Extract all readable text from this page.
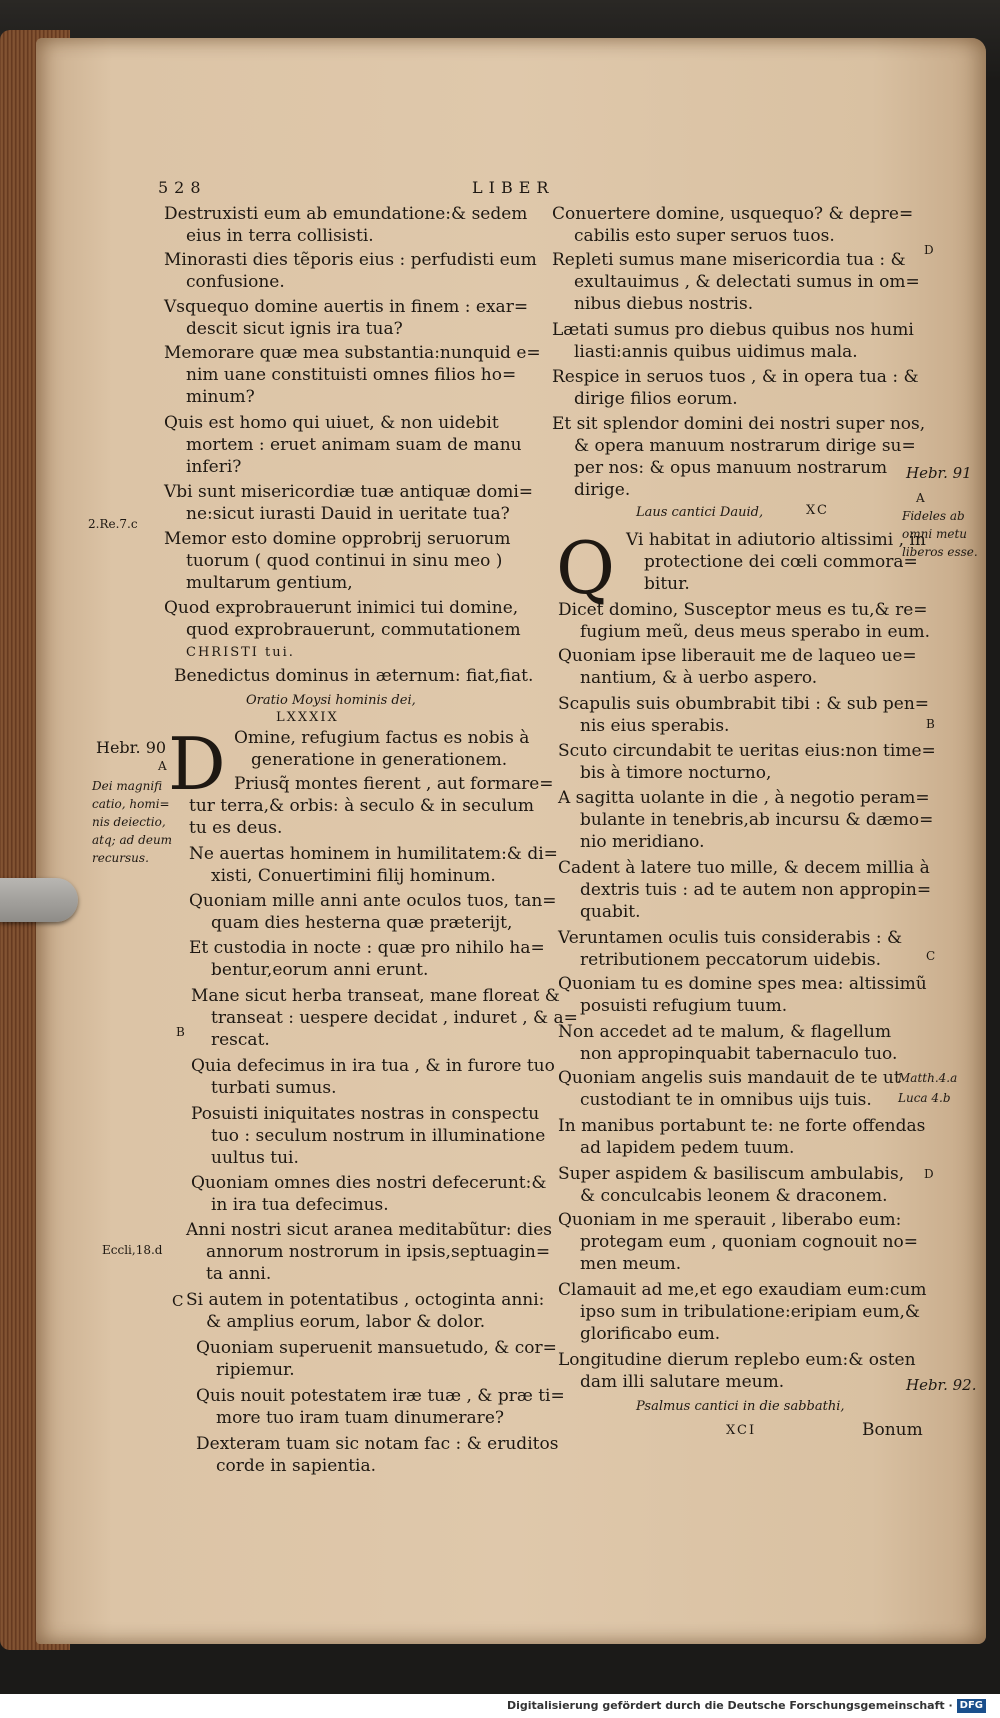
528	LIBER
Destruxisti eum ab emundatione:& sedem
eius in terra collisisti.
Minorasti dies tẽporis eius : perfudisti eum
confusione.
Vsquequo domine auertis in finem : exar=
descit sicut ignis ira tua?
Memorare quæ mea substantia:nunquid e=
nim uane constituisti omnes filios ho=
minum?
Quis est homo qui uiuet, & non uidebit
mortem : eruet animam suam de manu
inferi?
Vbi sunt misericordiæ tuæ antiquæ domi=
ne:sicut iurasti Dauid in ueritate tua?
Memor esto domine opprobrij seruorum
tuorum ( quod continui in sinu meo )
multarum gentium,
Quod exprobrauerunt inimici tui domine,
quod exprobrauerunt, commutationem
CHRISTI tui.
Benedictus dominus in æternum: fiat,fiat.
Oratio Moysi hominis dei,
LXXXIX
D Omine, refugium factus es nobis à
generatione in generationem.
Priusq̃ montes fierent , aut formare=
tur terra,& orbis: à seculo & in seculum
tu es deus.
Ne auertas hominem in humilitatem:& di=
xisti, Conuertimini filij hominum.
Quoniam mille anni ante oculos tuos, tan=
quam dies hesterna quæ præterijt,
Et custodia in nocte : quæ pro nihilo ha=
bentur,eorum anni erunt.
Mane sicut herba transeat, mane floreat &
transeat : uespere decidat , induret , & a=
rescat.
Quia defecimus in ira tua , & in furore tuo
turbati sumus.
Posuisti iniquitates nostras in conspectu
tuo : seculum nostrum in illuminatione
uultus tui.
Quoniam omnes dies nostri defecerunt:&
in ira tua defecimus.
Anni nostri sicut aranea meditabũtur: dies
annorum nostrorum in ipsis,septuagin=
ta anni.
Si autem in potentatibus , octoginta anni:
& amplius eorum, labor & dolor.
Quoniam superuenit mansuetudo, & cor=
ripiemur.
Quis nouit potestatem iræ tuæ , & præ ti=
more tuo iram tuam dinumerare?
Dexteram tuam sic notam fac : & eruditos
corde in sapientia.
2.Re.7.c
Hebr. 90
A
Dei magnifi
catio, homi=
nis deiectio,
atq; ad deum
recursus.
B
Eccli,18.d
C
Conuertere domine, usquequo? & depre=
cabilis esto super seruos tuos.
Repleti sumus mane misericordia tua : &
exultauimus , & delectati sumus in om=
nibus diebus nostris.
Lætati sumus pro diebus quibus nos humi
liasti:annis quibus uidimus mala.
Respice in seruos tuos , & in opera tua : &
dirige filios eorum.
Et sit splendor domini dei nostri super nos,
& opera manuum nostrarum dirige su=
per nos: & opus manuum nostrarum
dirige.
Laus cantici Dauid,	XC
Q Vi habitat in adiutorio altissimi , in
protectione dei cœli commora=
bitur.
Dicet domino, Susceptor meus es tu,& re=
fugium meũ, deus meus sperabo in eum.
Quoniam ipse liberauit me de laqueo ue=
nantium, & à uerbo aspero.
Scapulis suis obumbrabit tibi : & sub pen=
nis eius sperabis.
Scuto circundabit te ueritas eius:non time=
bis à timore nocturno,
A sagitta uolante in die , à negotio peram=
bulante in tenebris,ab incursu & dæmo=
nio meridiano.
Cadent à latere tuo mille, & decem millia à
dextris tuis : ad te autem non appropin=
quabit.
Veruntamen oculis tuis considerabis : &
retributionem peccatorum uidebis.
Quoniam tu es domine spes mea: altissimũ
posuisti refugium tuum.
Non accedet ad te malum, & flagellum
non appropinquabit tabernaculo tuo.
Quoniam angelis suis mandauit de te ut
custodiant te in omnibus uijs tuis.
In manibus portabunt te: ne forte offendas
ad lapidem pedem tuum.
Super aspidem & basiliscum ambulabis,
& conculcabis leonem & draconem.
Quoniam in me sperauit , liberabo eum:
protegam eum , quoniam cognouit no=
men meum.
Clamauit ad me,et ego exaudiam eum:cum
ipso sum in tribulatione:eripiam eum,&
glorificabo eum.
Longitudine dierum replebo eum:& osten
dam illi salutare meum.
Psalmus cantici in die sabbathi,
XCI	Bonum
D
Hebr. 91
A
Fideles ab
omni metu
liberos esse.
B
C
Matth.4.a
Luca 4.b
D
Hebr. 92.
Digitalisierung gefördert durch die Deutsche Forschungsgemeinschaft · DFG
